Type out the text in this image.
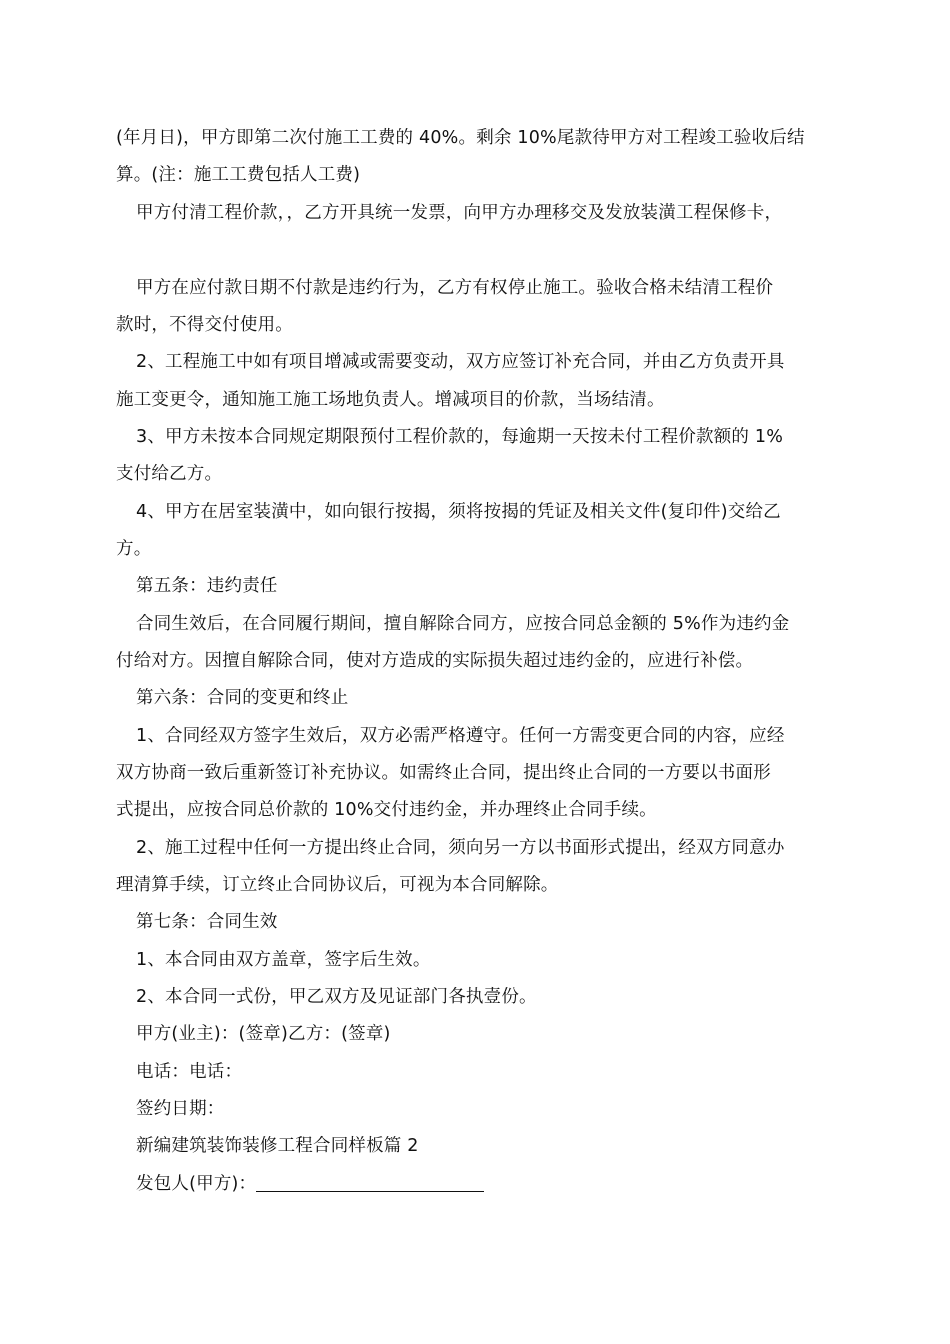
(年月日)，甲方即第二次付施工工费的 40%。剩余 10%尾款待甲方对工程竣工验收后结
算。(注：施工工费包括人工费)
甲方付清工程价款，，乙方开具统一发票，向甲方办理移交及发放装潢工程保修卡，
甲方在应付款日期不付款是违约行为，乙方有权停止施工。验收合格未结清工程价
款时，不得交付使用。
2、工程施工中如有项目增减或需要变动，双方应签订补充合同，并由乙方负责开具
施工变更令，通知施工施工场地负责人。增减项目的价款，当场结清。
3、甲方未按本合同规定期限预付工程价款的，每逾期一天按未付工程价款额的 1%
支付给乙方。
4、甲方在居室装潢中，如向银行按揭，须将按揭的凭证及相关文件(复印件)交给乙
方。
第五条：违约责任
合同生效后，在合同履行期间，擅自解除合同方，应按合同总金额的 5%作为违约金
付给对方。因擅自解除合同，使对方造成的实际损失超过违约金的，应进行补偿。
第六条：合同的变更和终止
1、合同经双方签字生效后，双方必需严格遵守。任何一方需变更合同的内容，应经
双方协商一致后重新签订补充协议。如需终止合同，提出终止合同的一方要以书面形
式提出，应按合同总价款的 10%交付违约金，并办理终止合同手续。
2、施工过程中任何一方提出终止合同，须向另一方以书面形式提出，经双方同意办
理清算手续，订立终止合同协议后，可视为本合同解除。
第七条：合同生效
1、本合同由双方盖章，签字后生效。
2、本合同一式份，甲乙双方及见证部门各执壹份。
甲方(业主)：(签章)乙方：(签章)
电话：电话：
签约日期：
新编建筑装饰装修工程合同样板篇 2
发包人(甲方)：
